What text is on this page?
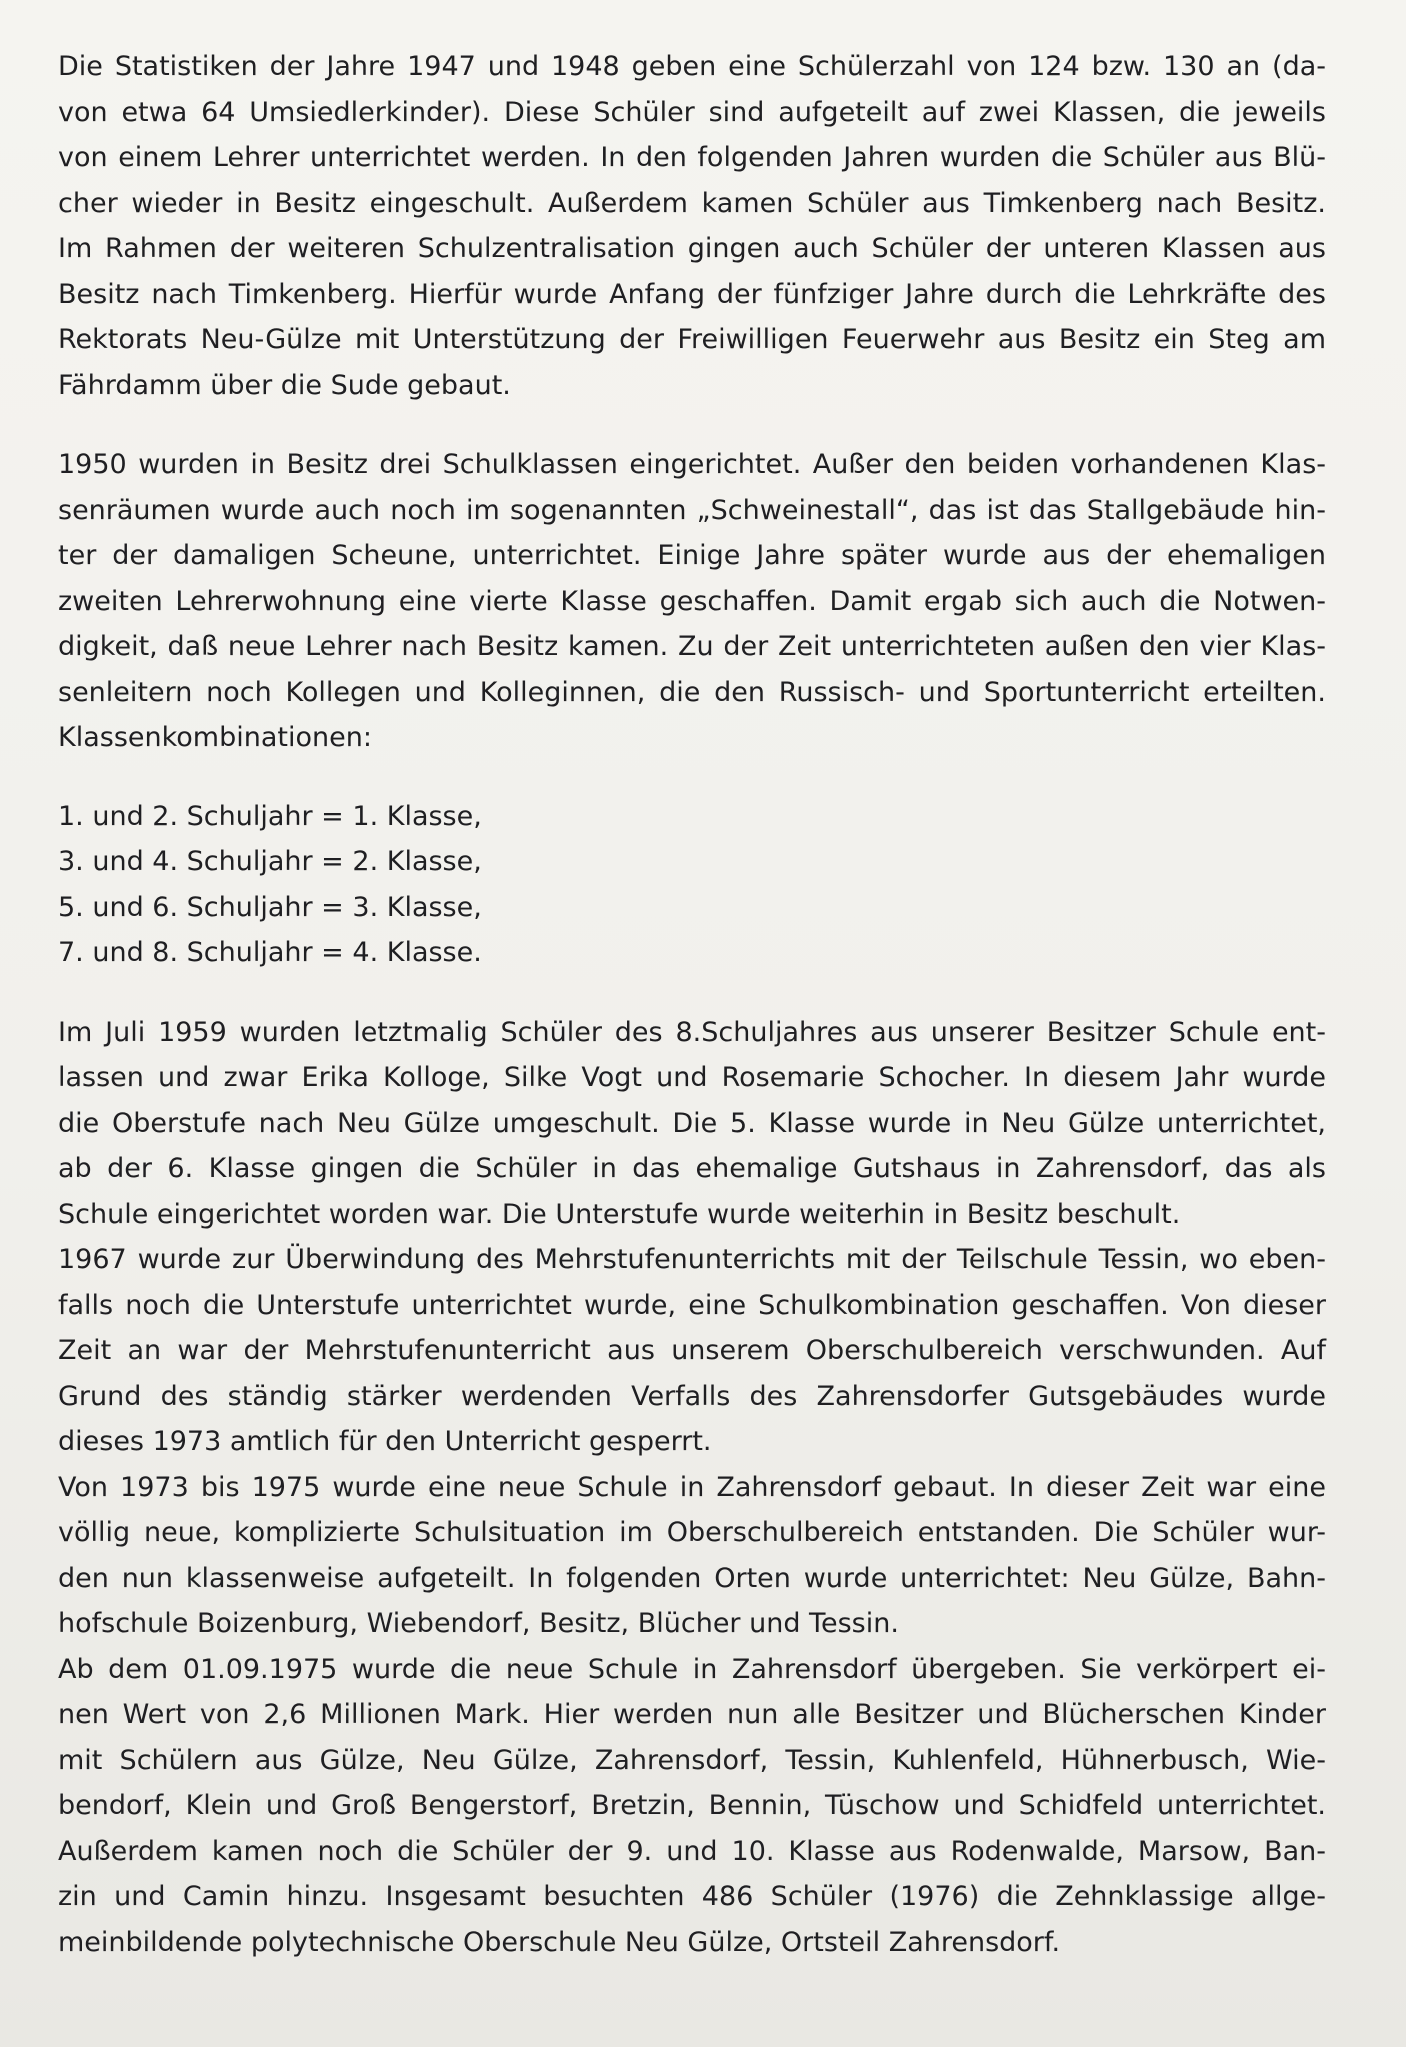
Die Statistiken der Jahre 1947 und 1948 geben eine Schülerzahl von 124 bzw. 130 an (da-
von etwa 64 Umsiedlerkinder). Diese Schüler sind aufgeteilt auf zwei Klassen, die jeweils
von einem Lehrer unterrichtet werden. In den folgenden Jahren wurden die Schüler aus Blü-
cher wieder in Besitz eingeschult. Außerdem kamen Schüler aus Timkenberg nach Besitz.
Im Rahmen der weiteren Schulzentralisation gingen auch Schüler der unteren Klassen aus
Besitz nach Timkenberg. Hierfür wurde Anfang der fünfziger Jahre durch die Lehrkräfte des
Rektorats Neu-Gülze mit Unterstützung der Freiwilligen Feuerwehr aus Besitz ein Steg am
Fährdamm über die Sude gebaut.
1950 wurden in Besitz drei Schulklassen eingerichtet. Außer den beiden vorhandenen Klas-
senräumen wurde auch noch im sogenannten „Schweinestall“, das ist das Stallgebäude hin-
ter der damaligen Scheune, unterrichtet. Einige Jahre später wurde aus der ehemaligen
zweiten Lehrerwohnung eine vierte Klasse geschaffen. Damit ergab sich auch die Notwen-
digkeit, daß neue Lehrer nach Besitz kamen. Zu der Zeit unterrichteten außen den vier Klas-
senleitern noch Kollegen und Kolleginnen, die den Russisch- und Sportunterricht erteilten.
Klassenkombinationen:
1. und 2. Schuljahr = 1. Klasse,
3. und 4. Schuljahr = 2. Klasse,
5. und 6. Schuljahr = 3. Klasse,
7. und 8. Schuljahr = 4. Klasse.
Im Juli 1959 wurden letztmalig Schüler des 8.Schuljahres aus unserer Besitzer Schule ent-
lassen und zwar Erika Kolloge, Silke Vogt und Rosemarie Schocher. In diesem Jahr wurde
die Oberstufe nach Neu Gülze umgeschult. Die 5. Klasse wurde in Neu Gülze unterrichtet,
ab der 6. Klasse gingen die Schüler in das ehemalige Gutshaus in Zahrensdorf, das als
Schule eingerichtet worden war. Die Unterstufe wurde weiterhin in Besitz beschult.
1967 wurde zur Überwindung des Mehrstufenunterrichts mit der Teilschule Tessin, wo eben-
falls noch die Unterstufe unterrichtet wurde, eine Schulkombination geschaffen. Von dieser
Zeit an war der Mehrstufenunterricht aus unserem Oberschulbereich verschwunden. Auf
Grund des ständig stärker werdenden Verfalls des Zahrensdorfer Gutsgebäudes wurde
dieses 1973 amtlich für den Unterricht gesperrt.
Von 1973 bis 1975 wurde eine neue Schule in Zahrensdorf gebaut. In dieser Zeit war eine
völlig neue, komplizierte Schulsituation im Oberschulbereich entstanden. Die Schüler wur-
den nun klassenweise aufgeteilt. In folgenden Orten wurde unterrichtet: Neu Gülze, Bahn-
hofschule Boizenburg, Wiebendorf, Besitz, Blücher und Tessin.
Ab dem 01.09.1975 wurde die neue Schule in Zahrensdorf übergeben. Sie verkörpert ei-
nen Wert von 2,6 Millionen Mark. Hier werden nun alle Besitzer und Blücherschen Kinder
mit Schülern aus Gülze, Neu Gülze, Zahrensdorf, Tessin, Kuhlenfeld, Hühnerbusch, Wie-
bendorf, Klein und Groß Bengerstorf, Bretzin, Bennin, Tüschow und Schidfeld unterrichtet.
Außerdem kamen noch die Schüler der 9. und 10. Klasse aus Rodenwalde, Marsow, Ban-
zin und Camin hinzu. Insgesamt besuchten 486 Schüler (1976) die Zehnklassige allge-
meinbildende polytechnische Oberschule Neu Gülze, Ortsteil Zahrensdorf.
